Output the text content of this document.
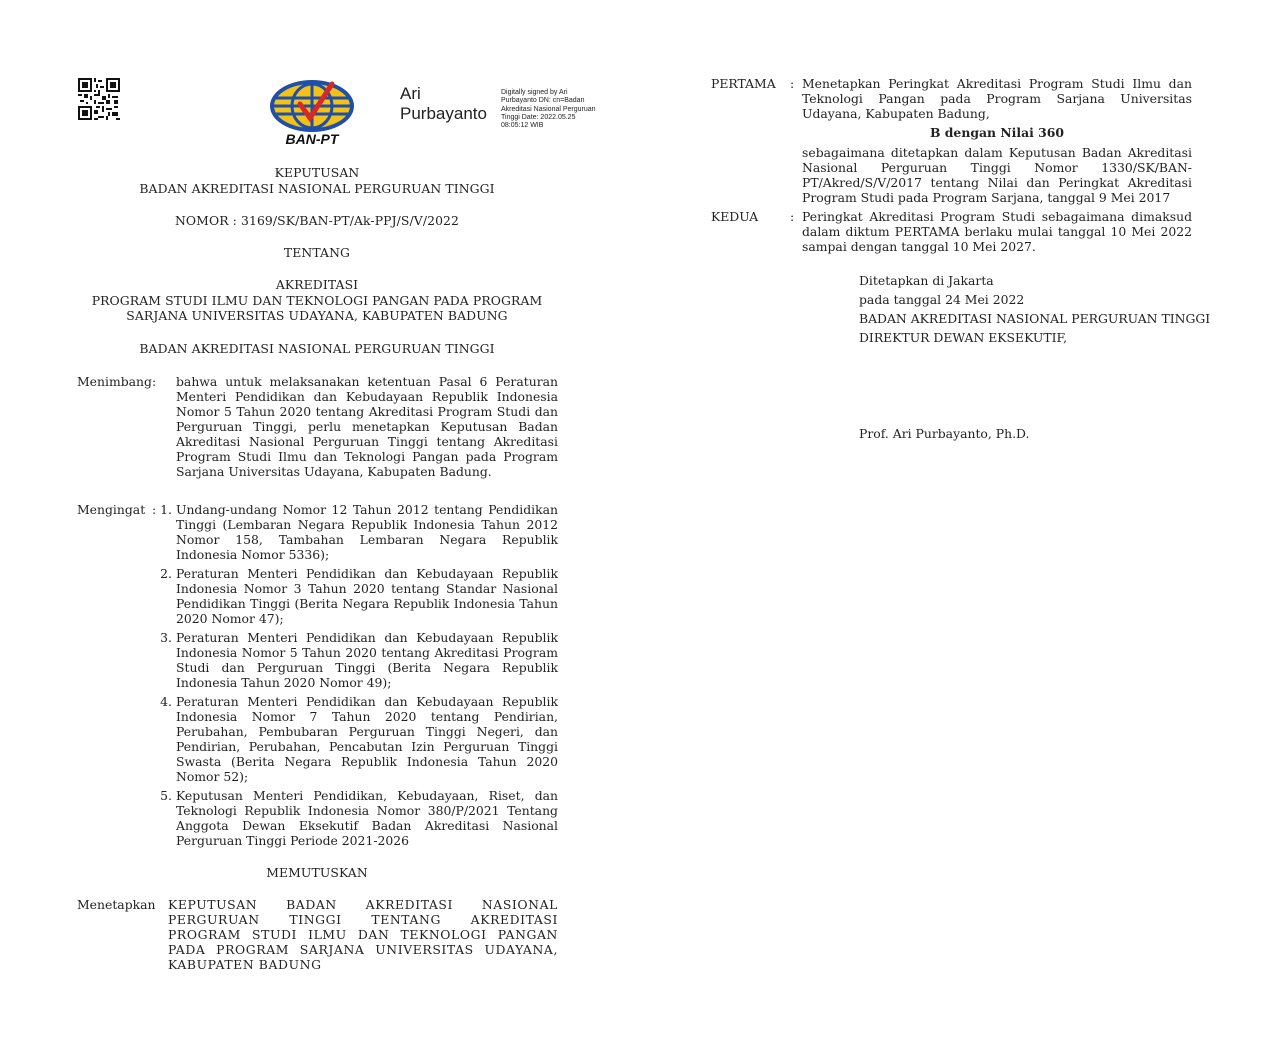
BAN-PT
Ari Purbayanto
Digitally signed by Ari Purbayanto DN: cn=Badan Akreditasi Nasional Perguruan Tinggi Date: 2022.05.25 08:05:12 WIB
KEPUTUSAN
BADAN AKREDITASI NASIONAL PERGURUAN TINGGI
NOMOR : 3169/SK/BAN-PT/Ak-PPJ/S/V/2022
TENTANG
AKREDITASI
PROGRAM STUDI ILMU DAN TEKNOLOGI PANGAN PADA PROGRAM
SARJANA UNIVERSITAS UDAYANA, KABUPATEN BADUNG
BADAN AKREDITASI NASIONAL PERGURUAN TINGGI
Menimbang : bahwa untuk melaksanakan ketentuan Pasal 6 Peraturan Menteri Pendidikan dan Kebudayaan Republik Indonesia Nomor 5 Tahun 2020 tentang Akreditasi Program Studi dan Perguruan Tinggi, perlu menetapkan Keputusan Badan Akreditasi Nasional Perguruan Tinggi tentang Akreditasi Program Studi Ilmu dan Teknologi Pangan pada Program Sarjana Universitas Udayana, Kabupaten Badung.
Mengingat : 1. Undang-undang Nomor 12 Tahun 2012 tentang Pendidikan Tinggi (Lembaran Negara Republik Indonesia Tahun 2012 Nomor 158, Tambahan Lembaran Negara Republik Indonesia Nomor 5336);
2. Peraturan Menteri Pendidikan dan Kebudayaan Republik Indonesia Nomor 3 Tahun 2020 tentang Standar Nasional Pendidikan Tinggi (Berita Negara Republik Indonesia Tahun 2020 Nomor 47);
3. Peraturan Menteri Pendidikan dan Kebudayaan Republik Indonesia Nomor 5 Tahun 2020 tentang Akreditasi Program Studi dan Perguruan Tinggi (Berita Negara Republik Indonesia Tahun 2020 Nomor 49);
4. Peraturan Menteri Pendidikan dan Kebudayaan Republik Indonesia Nomor 7 Tahun 2020 tentang Pendirian, Perubahan, Pembubaran Perguruan Tinggi Negeri, dan Pendirian, Perubahan, Pencabutan Izin Perguruan Tinggi Swasta (Berita Negara Republik Indonesia Tahun 2020 Nomor 52);
5. Keputusan Menteri Pendidikan, Kebudayaan, Riset, dan Teknologi Republik Indonesia Nomor 380/P/2021 Tentang Anggota Dewan Eksekutif Badan Akreditasi Nasional Perguruan Tinggi Periode 2021-2026
MEMUTUSKAN
Menetapkan KEPUTUSAN BADAN AKREDITASI NASIONAL PERGURUAN TINGGI TENTANG AKREDITASI PROGRAM STUDI ILMU DAN TEKNOLOGI PANGAN PADA PROGRAM SARJANA UNIVERSITAS UDAYANA, KABUPATEN BADUNG
PERTAMA : Menetapkan Peringkat Akreditasi Program Studi Ilmu dan Teknologi Pangan pada Program Sarjana Universitas Udayana, Kabupaten Badung,
B dengan Nilai 360
sebagaimana ditetapkan dalam Keputusan Badan Akreditasi Nasional Perguruan Tinggi Nomor 1330/SK/BAN-PT/Akred/S/V/2017 tentang Nilai dan Peringkat Akreditasi Program Studi pada Program Sarjana, tanggal 9 Mei 2017
KEDUA	: Peringkat Akreditasi Program Studi sebagaimana dimaksud dalam diktum PERTAMA berlaku mulai tanggal 10 Mei 2022 sampai dengan tanggal 10 Mei 2027.
Ditetapkan di Jakarta
pada tanggal 24 Mei 2022
BADAN AKREDITASI NASIONAL PERGURUAN TINGGI
DIREKTUR DEWAN EKSEKUTIF,
Prof. Ari Purbayanto, Ph.D.
